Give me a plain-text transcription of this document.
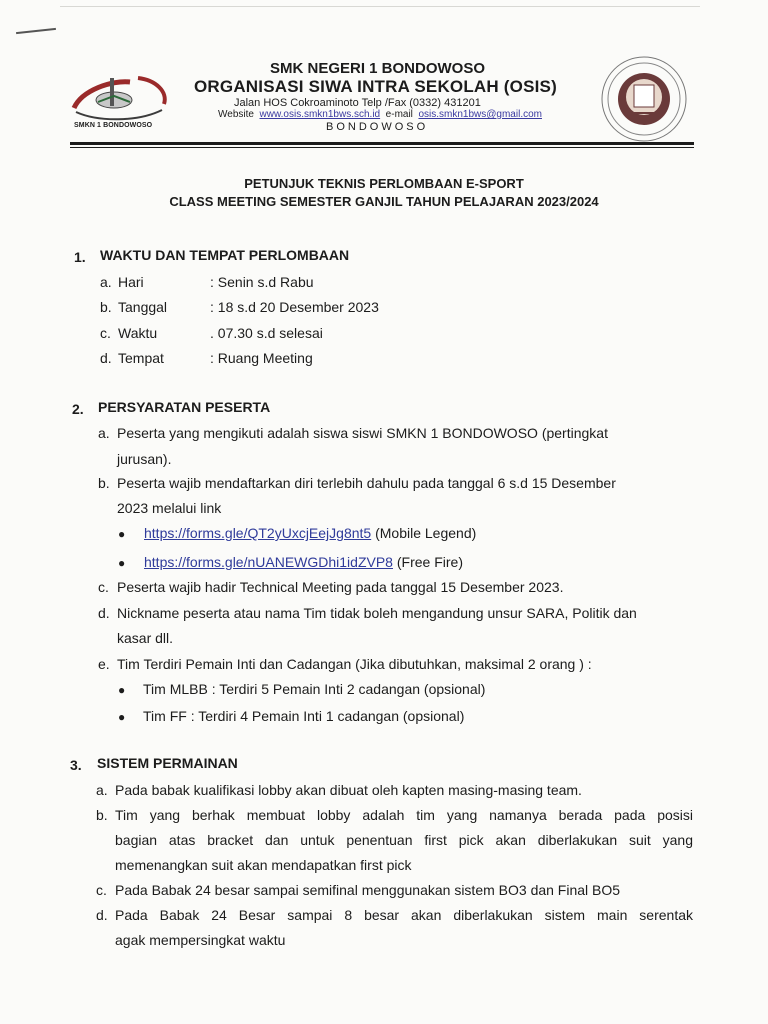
SMKN 1 BONDOWOSO
SMK NEGERI 1 BONDOWOSO
ORGANISASI SIWA INTRA SEKOLAH (OSIS)
Jalan HOS Cokroaminoto Telp /Fax (0332) 431201
Website www.osis.smkn1bws.sch.id e-mail osis.smkn1bws@gmail.com
BONDOWOSO
PETUNJUK TEKNIS PERLOMBAAN E-SPORT
CLASS MEETING SEMESTER GANJIL TAHUN PELAJARAN 2023/2024
1. WAKTU DAN TEMPAT PERLOMBAAN
a. Hari	: Senin s.d Rabu
b. Tanggal	: 18 s.d 20 Desember 2023
c. Waktu	. 07.30 s.d selesai
d. Tempat	: Ruang Meeting
2. PERSYARATAN PESERTA
a. Peserta yang mengikuti adalah siswa siswi SMKN 1 BONDOWOSO (pertingkat
jurusan).
b. Peserta wajib mendaftarkan diri terlebih dahulu pada tanggal 6 s.d 15 Desember
2023 melalui link
● https://forms.gle/QT2yUxcjEejJg8nt5 (Mobile Legend)
● https://forms.gle/nUANEWGDhi1idZVP8 (Free Fire)
c. Peserta wajib hadir Technical Meeting pada tanggal 15 Desember 2023.
d. Nickname peserta atau nama Tim tidak boleh mengandung unsur SARA, Politik dan
kasar dll.
e. Tim Terdiri Pemain Inti dan Cadangan (Jika dibutuhkan, maksimal 2 orang ) :
● Tim MLBB : Terdiri 5 Pemain Inti 2 cadangan (opsional)
● Tim FF : Terdiri 4 Pemain Inti 1 cadangan (opsional)
3. SISTEM PERMAINAN
a. Pada babak kualifikasi lobby akan dibuat oleh kapten masing-masing team.
b. Tim yang berhak membuat lobby adalah tim yang namanya berada pada posisi
bagian atas bracket dan untuk penentuan first pick akan diberlakukan suit yang
memenangkan suit akan mendapatkan first pick
c. Pada Babak 24 besar sampai semifinal menggunakan sistem BO3 dan Final BO5
d. Pada Babak 24 Besar sampai 8 besar akan diberlakukan sistem main serentak
agak mempersingkat waktu
